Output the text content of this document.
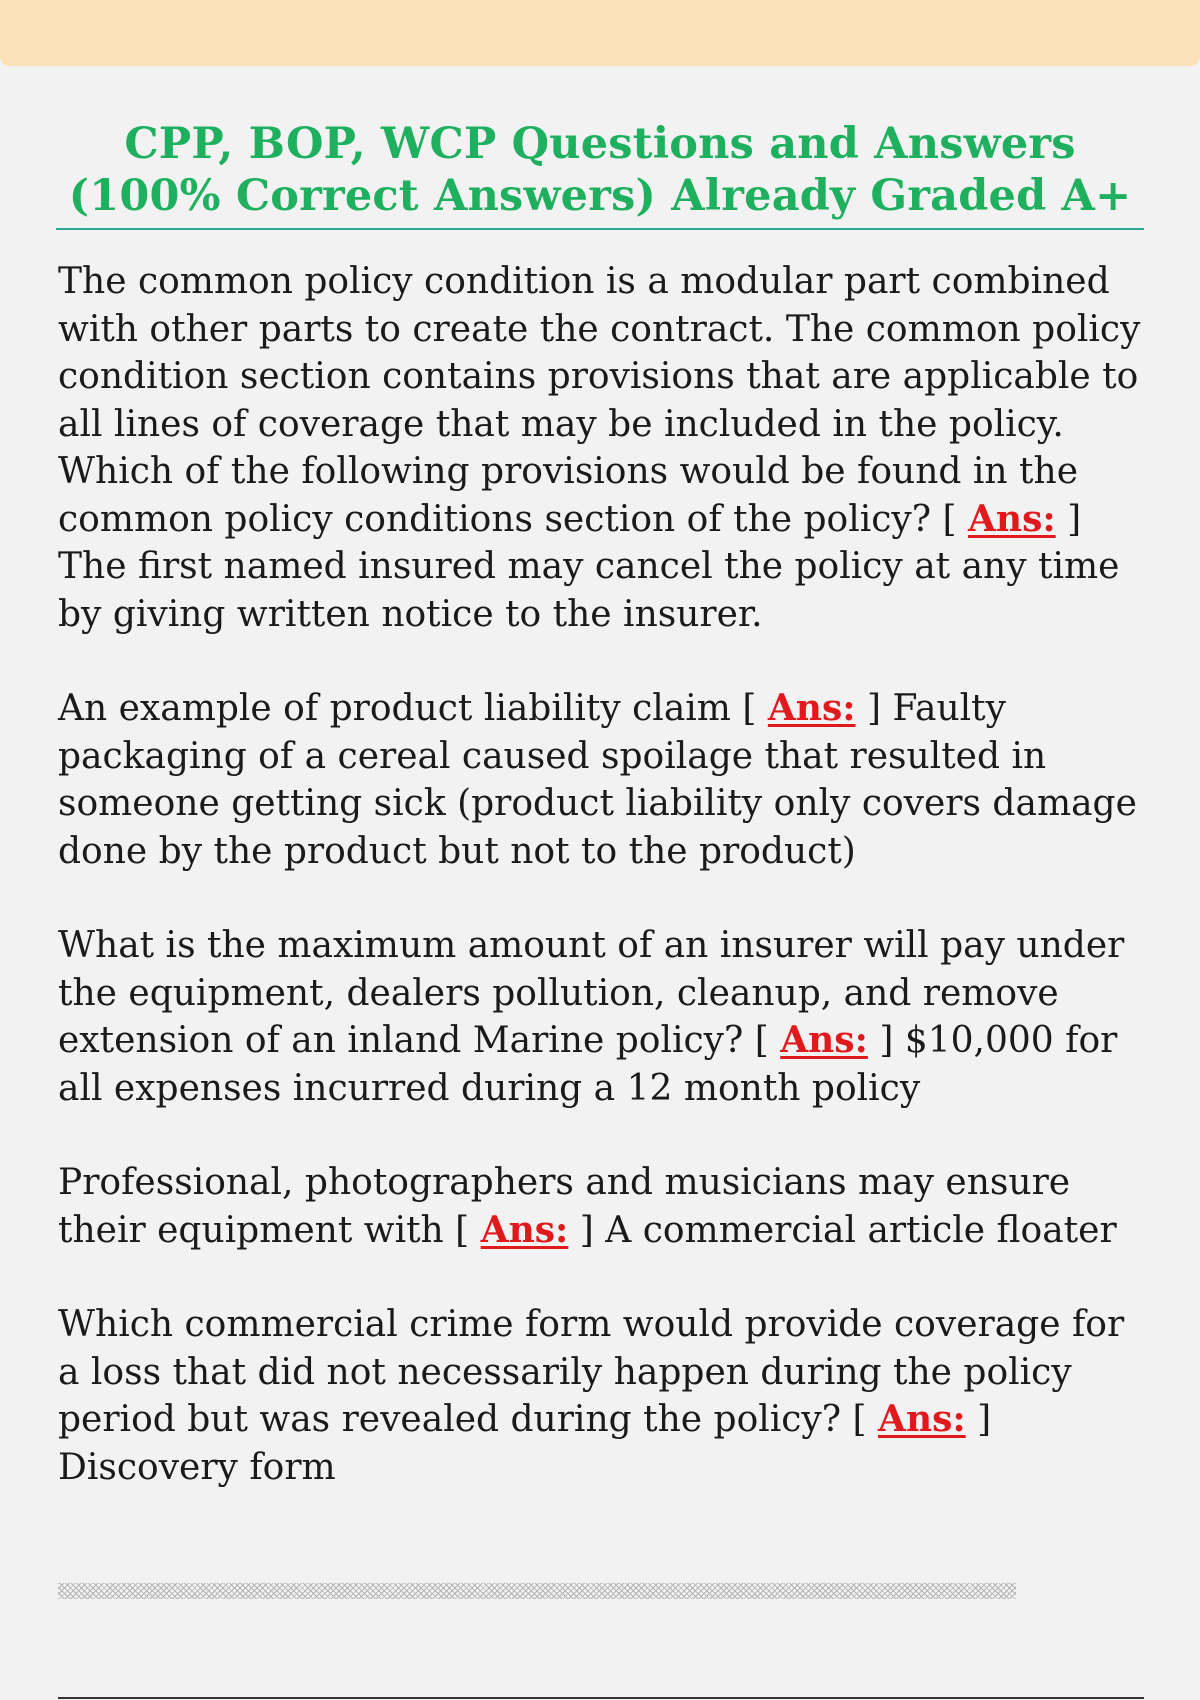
CPP, BOP, WCP Questions and Answers (100% Correct Answers) Already Graded A+

The common policy condition is a modular part combined with other parts to create the contract. The common policy condition section contains provisions that are applicable to all lines of coverage that may be included in the policy. Which of the following provisions would be found in the common policy conditions section of the policy? [ Ans: ] The first named insured may cancel the policy at any time by giving written notice to the insurer.

An example of product liability claim [ Ans: ] Faulty packaging of a cereal caused spoilage that resulted in someone getting sick (product liability only covers damage done by the product but not to the product)

What is the maximum amount of an insurer will pay under the equipment, dealers pollution, cleanup, and remove extension of an inland Marine policy? [ Ans: ] $10,000 for all expenses incurred during a 12 month policy

Professional, photographers and musicians may ensure their equipment with [ Ans: ] A commercial article floater

Which commercial crime form would provide coverage for a loss that did not necessarily happen during the policy period but was revealed during the policy? [ Ans: ] Discovery form
